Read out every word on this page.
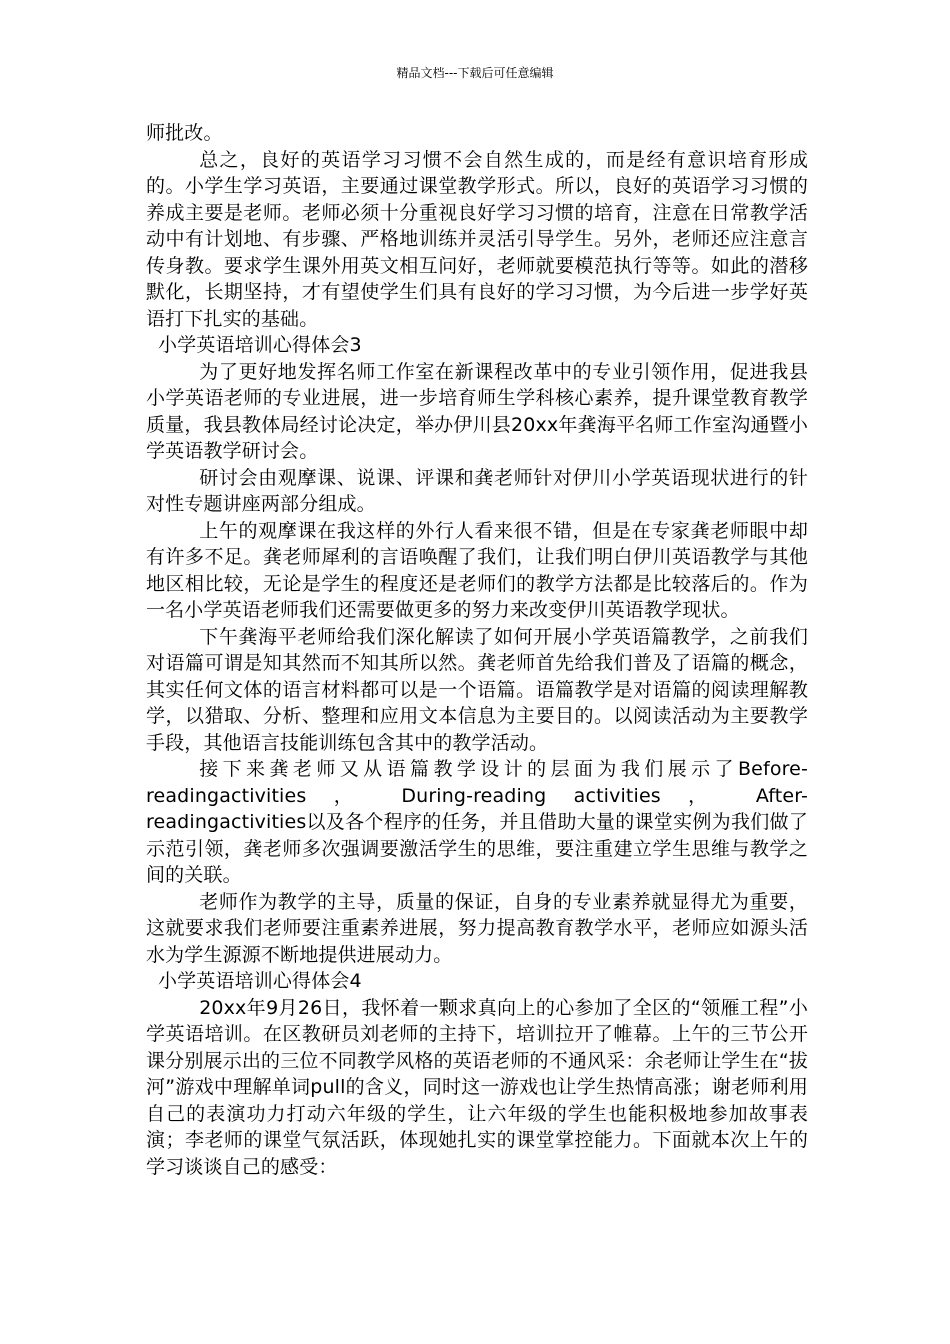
精品文档---下载后可任意编辑

师批改。

总之，良好的英语学习习惯不会自然生成的，而是经有意识培育形成的。小学生学习英语，主要通过课堂教学形式。所以，良好的英语学习习惯的养成主要是老师。老师必须十分重视良好学习习惯的培育，注意在日常教学活动中有计划地、有步骤、严格地训练并灵活引导学生。另外，老师还应注意言传身教。要求学生课外用英文相互问好，老师就要模范执行等等。如此的潜移默化，长期坚持，才有望使学生们具有良好的学习习惯，为今后进一步学好英语打下扎实的基础。

小学英语培训心得体会3

为了更好地发挥名师工作室在新课程改革中的专业引领作用，促进我县小学英语老师的专业进展，进一步培育师生学科核心素养，提升课堂教育教学质量，我县教体局经讨论决定，举办伊川县20xx年龚海平名师工作室沟通暨小学英语教学研讨会。

研讨会由观摩课、说课、评课和龚老师针对伊川小学英语现状进行的针对性专题讲座两部分组成。

上午的观摩课在我这样的外行人看来很不错，但是在专家龚老师眼中却有许多不足。龚老师犀利的言语唤醒了我们，让我们明白伊川英语教学与其他地区相比较，无论是学生的程度还是老师们的教学方法都是比较落后的。作为一名小学英语老师我们还需要做更多的努力来改变伊川英语教学现状。

下午龚海平老师给我们深化解读了如何开展小学英语篇教学，之前我们对语篇可谓是知其然而不知其所以然。龚老师首先给我们普及了语篇的概念，其实任何文体的语言材料都可以是一个语篇。语篇教学是对语篇的阅读理解教学，以猎取、分析、整理和应用文本信息为主要目的。以阅读活动为主要教学手段，其他语言技能训练包含其中的教学活动。

接下来龚老师又从语篇教学设计的层面为我们展示了Before-readingactivities ， During-reading activities ， After-readingactivities以及各个程序的任务，并且借助大量的课堂实例为我们做了示范引领，龚老师多次强调要激活学生的思维，要注重建立学生思维与教学之间的关联。

老师作为教学的主导，质量的保证，自身的专业素养就显得尤为重要，这就要求我们老师要注重素养进展，努力提高教育教学水平，老师应如源头活水为学生源源不断地提供进展动力。

小学英语培训心得体会4

20xx年9月26日，我怀着一颗求真向上的心参加了全区的“领雁工程”小学英语培训。在区教研员刘老师的主持下，培训拉开了帷幕。上午的三节公开课分别展示出的三位不同教学风格的英语老师的不通风采：余老师让学生在“拔河”游戏中理解单词pull的含义，同时这一游戏也让学生热情高涨；谢老师利用自己的表演功力打动六年级的学生，让六年级的学生也能积极地参加故事表演；李老师的课堂气氛活跃，体现她扎实的课堂掌控能力。下面就本次上午的学习谈谈自己的感受：
